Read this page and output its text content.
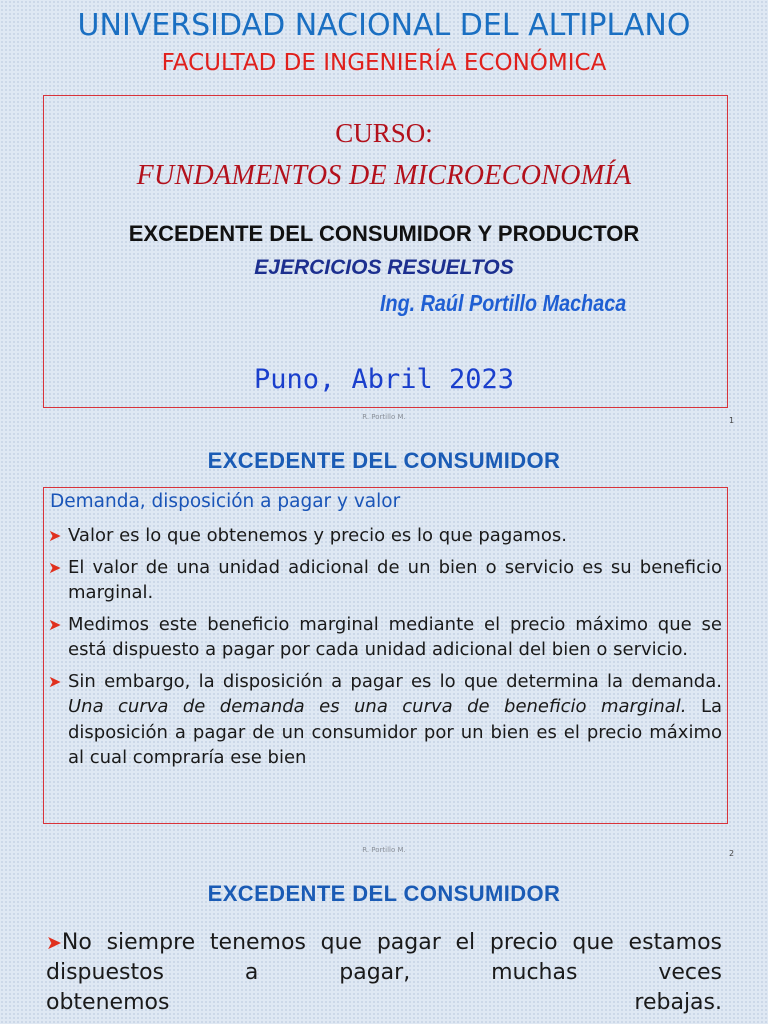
UNIVERSIDAD NACIONAL DEL ALTIPLANO
FACULTAD DE INGENIERÍA ECONÓMICA
CURSO:
FUNDAMENTOS DE MICROECONOMÍA
EXCEDENTE DEL CONSUMIDOR Y PRODUCTOR
EJERCICIOS RESUELTOS
Ing. Raúl Portillo Machaca
Puno, Abril 2023
R. Portillo M.	1
EXCEDENTE DEL CONSUMIDOR
Demanda, disposición a pagar y valor
➤ Valor es lo que obtenemos y precio es lo que pagamos.
➤ El valor de una unidad adicional de un bien o servicio es su beneficio marginal.
➤ Medimos este beneficio marginal mediante el precio máximo que se está dispuesto a pagar por cada unidad adicional del bien o servicio.
➤ Sin embargo, la disposición a pagar es lo que determina la demanda. Una curva de demanda es una curva de beneficio marginal. La disposición a pagar de un consumidor por un bien es el precio máximo al cual compraría ese bien
R. Portillo M.	2
EXCEDENTE DEL CONSUMIDOR
➤No siempre tenemos que pagar el precio que estamos dispuestos a pagar, muchas veces
obtenemos rebajas.
